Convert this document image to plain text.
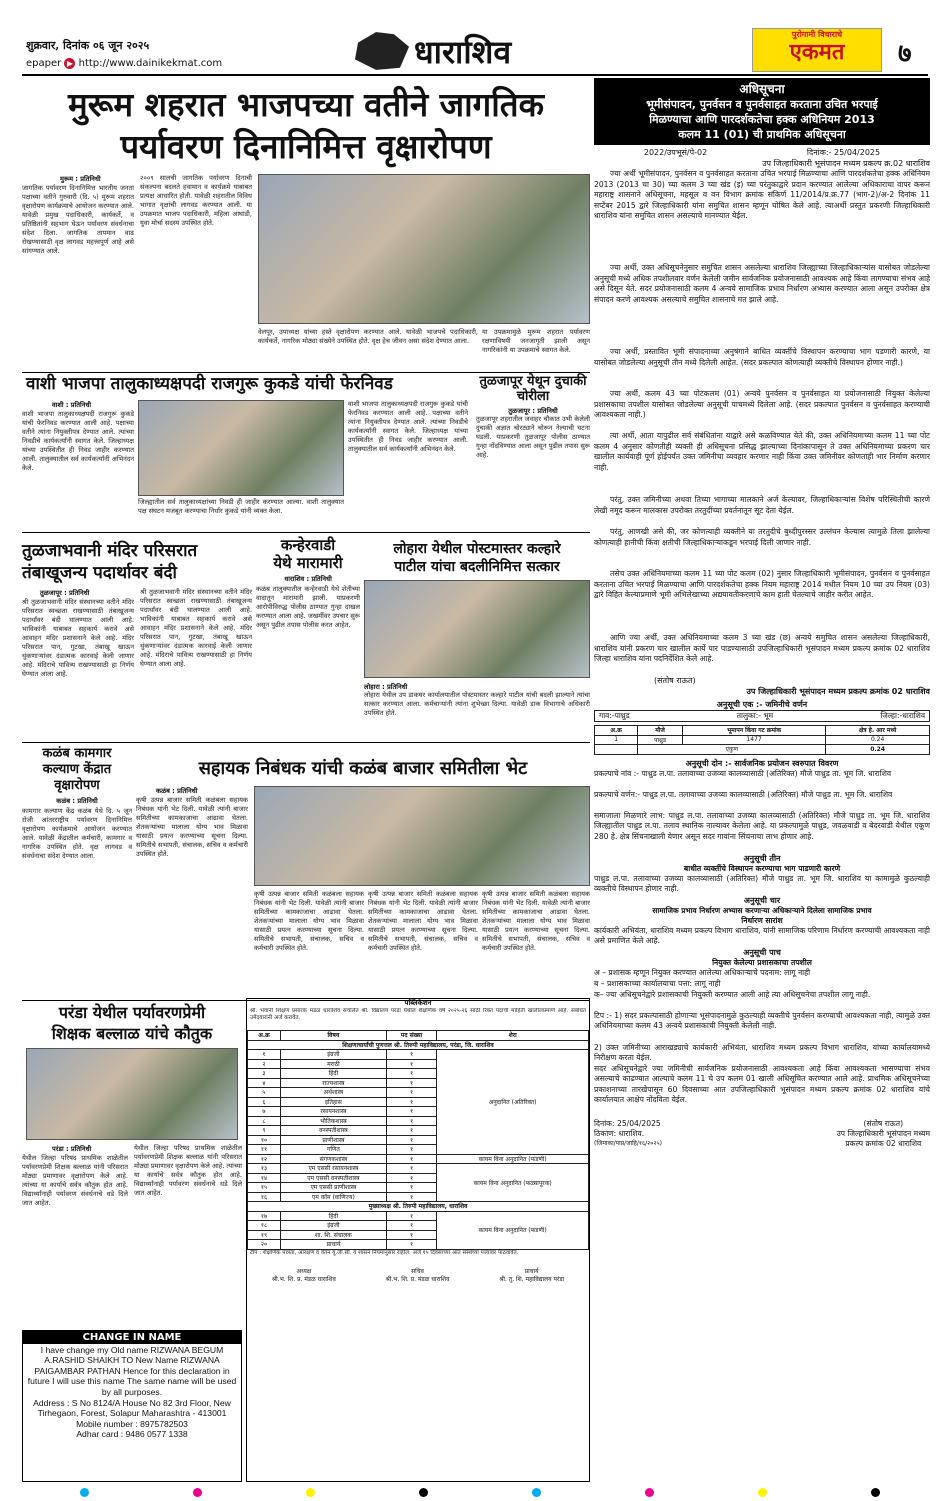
शुक्रवार, दिनांक ०६ जून २०२५
epaper ▶ http://www.dainikekmat.com	धाराशिव	पुरोगामी विचाराचे
एकमत	७
मुरूम शहरात भाजपच्या वतीने जागतिक
पर्यावरण दिनानिमित्त वृक्षारोपण
मुरूम : प्रतिनिधी
जागतिक पर्यावरण दिनानिमित्त भारतीय जनता पक्षाच्या वतीने गुरुवारी (दि. ५) मुरूम शहरात वृक्षारोपण कार्यक्रमाचे आयोजन करण्यात आले. यावेळी प्रमुख पदाधिकारी, कार्यकर्ते, व प्रतिष्ठितांनी सहभाग घेऊन पर्यावरण संवर्धनाचा संदेश दिला. जागतिक तापमान वाढ रोखण्यासाठी वृक्ष लागवड महत्त्वपूर्ण आहे असे सांगण्यात आले.
२००९ सालची जागतिक पर्यावरण दिनाची संकल्पना बदलते हवामान व कार्यक्रमे याबाबत प्रत्यक्ष आधारित होती. यावेळी शहरातील विविध भागात वृक्षांची लागवड करण्यात आली. या उपक्रमात भाजप पदाधिकारी, महिला आघाडी, युवा मोर्चा सदस्य उपस्थित होते.
वेलपूर, उपाध्यक्ष यांच्या हस्ते वृक्षारोपण करण्यात आले. यावेळी भाजपचे पदाधिकारी, कार्यकर्ते, नागरिक मोठ्या संख्येने उपस्थित होते. वृक्ष हेच जीवन असा संदेश देण्यात आला.
या उपक्रमामुळे मुरूम शहरात पर्यावरण रक्षणाविषयी जनजागृती झाली असून नागरिकांनी या उपक्रमाचे स्वागत केले.
वाशी भाजपा तालुकाध्यक्षपदी राजगुरू कुकडे यांची फेरनिवड
वाशी : प्रतिनिधी
वाशी भाजपा तालुकाध्यक्षपदी राजगुरू कुकडे यांची फेरनिवड करण्यात आली आहे. पक्षाच्या वतीने त्यांना नियुक्तीपत्र देण्यात आले. त्यांच्या निवडीचे कार्यकर्त्यांनी स्वागत केले. जिल्हाध्यक्ष यांच्या उपस्थितीत ही निवड जाहीर करण्यात आली. तालुक्यातील सर्व कार्यकर्त्यांनी अभिनंदन केले.
जिल्ह्यातील सर्व तालुकाध्यक्षांच्या निवडी ही जाहीर करण्यात आल्या. वाशी तालुक्यात पक्ष संघटन मजबूत करण्याचा निर्धार कुकडे यांनी व्यक्त केला.
वाशी भाजपा तालुकाध्यक्षपदी राजगुरू कुकडे यांची फेरनिवड करण्यात आली आहे. पक्षाच्या वतीने त्यांना नियुक्तीपत्र देण्यात आले. त्यांच्या निवडीचे कार्यकर्त्यांनी स्वागत केले. जिल्हाध्यक्ष यांच्या उपस्थितीत ही निवड जाहीर करण्यात आली. तालुक्यातील सर्व कार्यकर्त्यांनी अभिनंदन केले.
तुळजापूर येथून दुचाकी चोरीला
तुळजापूर : प्रतिनिधी
तुळजापूर शहरातील जवाहर चौकात उभी केलेली दुचाकी अज्ञात चोरट्याने चोरून नेल्याची घटना घडली. याप्रकरणी तुळजापूर पोलीस ठाण्यात गुन्हा नोंदविण्यात आला असून पुढील तपास सुरू आहे.
तुळजाभवानी मंदिर परिसरात
तंबाखूजन्य पदार्थावर बंदी
तुळजापूर : प्रतिनिधी
श्री तुळजाभवानी मंदिर संस्थानच्या वतीने मंदिर परिसरात स्वच्छता राखण्यासाठी तंबाखूजन्य पदार्थांवर बंदी घालण्यात आली आहे. भाविकांनी याबाबत सहकार्य करावे असे आवाहन मंदिर प्रशासनाने केले आहे. मंदिर परिसरात पान, गुटखा, तंबाखू खाऊन थुंकणाऱ्यांवर दंडात्मक कारवाई केली जाणार आहे. मंदिराचे पावित्र्य राखण्यासाठी हा निर्णय घेण्यात आला आहे.
श्री तुळजाभवानी मंदिर संस्थानच्या वतीने मंदिर परिसरात स्वच्छता राखण्यासाठी तंबाखूजन्य पदार्थांवर बंदी घालण्यात आली आहे. भाविकांनी याबाबत सहकार्य करावे असे आवाहन मंदिर प्रशासनाने केले आहे. मंदिर परिसरात पान, गुटखा, तंबाखू खाऊन थुंकणाऱ्यांवर दंडात्मक कारवाई केली जाणार आहे. मंदिराचे पावित्र्य राखण्यासाठी हा निर्णय घेण्यात आला आहे.
कन्हेरवाडी
येथे मारामारी
धाराशिव : प्रतिनिधी
कळंब तालुक्यातील कन्हेरवाडी येथे शेतीच्या वादातून मारामारी झाली. याप्रकरणी आरोपीविरुद्ध पोलीस ठाण्यात गुन्हा दाखल करण्यात आला आहे. जखमींवर उपचार सुरू असून पुढील तपास पोलीस करत आहेत.
लोहारा येथील पोस्टमास्तर कल्हारे
पाटील यांचा बदलीनिमित्त सत्कार
लोहारा : प्रतिनिधी
लोहारा येथील उप डाकघर कार्यालयातील पोस्टमास्तर कल्हारे पाटील यांची बदली झाल्याने त्यांचा सत्कार करण्यात आला. कर्मचाऱ्यांनी त्यांना शुभेच्छा दिल्या. यावेळी डाक विभागाचे अधिकारी उपस्थित होते.
कळंब कामगार
कल्याण केंद्रात
वृक्षारोपण
कळंब : प्रतिनिधी
कामगार कल्याण केंद्र कळंब येथे दि. ५ जून रोजी आंतरराष्ट्रीय पर्यावरण दिनानिमित्त वृक्षारोपण कार्यक्रमाचे आयोजन करण्यात आले. यावेळी केंद्रातील कर्मचारी, कामगार व नागरिक उपस्थित होते. वृक्ष लागवड व संवर्धनाचा संदेश देण्यात आला.
सहायक निबंधक यांची कळंब बाजार समितीला भेट
कळंब : प्रतिनिधी
कृषी उत्पन्न बाजार समिती कळंबला सहायक निबंधक यांनी भेट दिली. यावेळी त्यांनी बाजार समितीच्या कामकाजाचा आढावा घेतला. शेतकऱ्यांच्या मालाला योग्य भाव मिळावा यासाठी प्रयत्न करण्याच्या सूचना दिल्या. समितीचे सभापती, संचालक, सचिव व कर्मचारी उपस्थित होते.
कृषी उत्पन्न बाजार समिती कळंबला सहायक निबंधक यांनी भेट दिली. यावेळी त्यांनी बाजार समितीच्या कामकाजाचा आढावा घेतला. शेतकऱ्यांच्या मालाला योग्य भाव मिळावा यासाठी प्रयत्न करण्याच्या सूचना दिल्या. समितीचे सभापती, संचालक, सचिव व कर्मचारी उपस्थित होते.
कृषी उत्पन्न बाजार समिती कळंबला सहायक निबंधक यांनी भेट दिली. यावेळी त्यांनी बाजार समितीच्या कामकाजाचा आढावा घेतला. शेतकऱ्यांच्या मालाला योग्य भाव मिळावा यासाठी प्रयत्न करण्याच्या सूचना दिल्या. समितीचे सभापती, संचालक, सचिव व कर्मचारी उपस्थित होते.
कृषी उत्पन्न बाजार समिती कळंबला सहायक निबंधक यांनी भेट दिली. यावेळी त्यांनी बाजार समितीच्या कामकाजाचा आढावा घेतला. शेतकऱ्यांच्या मालाला योग्य भाव मिळावा यासाठी प्रयत्न करण्याच्या सूचना दिल्या. समितीचे सभापती, संचालक, सचिव व कर्मचारी उपस्थित होते.
परंडा येथील पर्यावरणप्रेमी
शिक्षक बल्लाळ यांचे कौतुक
परंडा : प्रतिनिधी
येथील जिल्हा परिषद प्राथमिक शाळेतील पर्यावरणप्रेमी शिक्षक बल्लाळ यांनी परिसरात मोठ्या प्रमाणावर वृक्षारोपण केले आहे. त्यांच्या या कार्याचे सर्वत्र कौतुक होत आहे. विद्यार्थ्यांनाही पर्यावरण संवर्धनाचे धडे दिले जात आहेत.
येथील जिल्हा परिषद प्राथमिक शाळेतील पर्यावरणप्रेमी शिक्षक बल्लाळ यांनी परिसरात मोठ्या प्रमाणावर वृक्षारोपण केले आहे. त्यांच्या या कार्याचे सर्वत्र कौतुक होत आहे. विद्यार्थ्यांनाही पर्यावरण संवर्धनाचे धडे दिले जात आहेत.
CHANGE IN NAME
I have change my Old name RIZWANA BEGUM A.RASHID SHAIKH TO New Name RIZWANA PAIGAMBAR PATHAN Hence for this declaration in future I will use this name The same name will be used by all purposes.
Address : S No 8124/A House No 82 3rd Floor, New Tirhegaon, Forest, Solapur Maharashtra - 413001
Mobile number : 8975782503
Adhar card : 9486 0577 1338
पब्लिकेशन
श्री. भवानी शिक्षण प्रसारक मंडळ धाराशिव संचलित श्री. विद्यालय परंडा येथील शैक्षणिक वर्ष २०२५-२६ साठी रिक्त पदांची माहिती खालीलप्रमाणे आहे. संबंधित उमेदवारांनी अर्ज करावेत.
अ.क्र	विषय	पद संख्या	शेरा
शिक्षणाचार्यांची पुणत्तल श्री. तिरुपी महाविद्यालय, परंडा, जि. धाराशिव			
१	इंग्रजी	१	अनुदानित (अतिरिक्त)
२	मराठी	१	
३	हिंदी	१	
४	राज्यशास्त्र	१	
५	अर्थशास्त्र	१	
६	इतिहास	१	
७	रसायनशास्त्र	१	
८	भौतिकशास्त्र	१	
९	वनस्पतीशास्त्र	१	
१०	प्राणीशास्त्र	१	
११	गणित	१	
१२	संगणकशास्त्र	१	कायम विना अनुदानित (फडणी)
१३	एम एससी रसायनशास्त्र	१	कायम विना अनुदानित (फळ्यापूरक)
१४	एम एससी वनस्पतीशास्त्र	१	
१५	एम एससी प्राणीशास्त्र	१	
१६	एम कॉम (वाणिज्य)	१	
मुख्याध्यक्ष श्री. तिरुपी महाविद्यालय, धाराशिव			
१७	हिंदी	१	कायम विना अनुदानित (फडणी)
१८	इंग्रजी	१	
१९	शा. शि. संचालक	१	
२०	प्राचार्य	१	
टीप : शैक्षणिक पात्रता, आरक्षण व वेतन यू.जी.सी. व शासन नियमानुसार राहील. अर्ज १५ दिवसांच्या आत संस्थेच्या पत्त्यावर पाठवावेत.
अध्यक्ष
श्री.भ. शि. प्र. मंडळ धाराशिव
सचिव
श्री.भ. शि. प्र. मंडळ धाराशिव
प्राचार्य
श्री. तु. शि. महाविद्यालय परंडा
अधिसूचना
भूमीसंपादन, पुनर्वसन व पुनर्वसाहत करताना उचित भरपाई
मिळण्याचा आणि पारदर्शकतेचा हक्क अधिनियम 2013
कलम 11 (01) ची प्राथमिक अधिसूचना
2022/उपभूसं/पे-02	दिनांक:- 25/04/2025
उप जिल्हाधिकारी भूसंपादन मध्यम प्रकल्प क्र.02 धाराशिव
ज्या अर्थी भूमीसंपादन, पुनर्वसन व पुनर्वसाहत करताना उचित भरपाई मिळण्याचा आणि पारदर्शकतेचा हक्क अधिनियम 2013 (2013 चा 30) च्या कलम 3 च्या खंड (इ) च्या परंतुकाद्वारे प्रदान करण्यात आलेल्या अधिकाराचा वापर करून महाराष्ट्र शासनाने अधिसूचना, महसूल व वन विभाग क्रमांक संकिर्ण 11/2014/प्र.क्र.77 (भाग-2)/अ-2 दिनांक 11 सप्टेंबर 2015 द्वारे जिल्हाधिकारी यांना समुचित शासन म्हणून घोषित केले आहे. त्याअर्थी प्रस्तुत प्रकरणी जिल्हाधिकारी धाराशिव यांना समुचित शासन असल्याचे मानण्यात येईल.
ज्या अर्थी, उक्त अधिसूचनेनुसार समुचित शासन असलेल्या धाराशिव जिल्ह्याच्या जिल्हाधिकाऱ्यांस यासोबत जोडलेल्या अनुसूची मध्ये अधिक तपशीलवार वर्णन केलेली जमीन सार्वजनिक प्रयोजनासाठी आवश्यक आहे किंवा लागण्याचा संभव आहे असे दिसून येते. सदर प्रयोजनासाठी कलम 4 अन्वये सामाजिक प्रभाव निर्धारण अभ्यास करण्यात आला असून उपरोक्त क्षेत्र संपादन करणे आवश्यक असल्याचे समुचित शासनाचे मत झाले आहे.
ज्या अर्थी, प्रस्तावित भूमी संपादनाच्या अनुषंगाने बाधित व्यक्तींचे विस्थापन करण्याचा भाग पडणारी कारणे, या यासोबत जोडलेल्या अनुसूची तीन मध्ये दिलेली आहेत. (सदर प्रकल्पात कोणत्याही व्यक्तीचे विस्थापन होणार नाही.)
ज्या अर्थी, कलम 43 च्या पोटकलम (01) अन्वये पुनर्वसन व पुनर्वसाहत या प्रयोजनासाठी नियुक्त केलेल्या प्रशासकाचा तपशील यासोबत जोडलेल्या अनुसूची पाचमध्ये दिलेला आहे. (सदर प्रकल्पात पुनर्वसन व पुनर्वसाहत करण्याची आवश्यकता नाही.)
त्या अर्थी, आता यापुढील सर्व संबंधितांना याद्वारे असे कळविण्यात येते की, उक्त अधिनियमाच्या कलम 11 च्या पोट कलम 4 अनुसार कोणतीही व्यक्ती ही अधिसूचना प्रसिद्ध झाल्याच्या दिनांकापासून ते उक्त अधिनियमाच्या प्रकरण चार खालील कार्यवाही पूर्ण होईपर्यंत उक्त जमिनीचा व्यवहार करणार नाही किंवा उक्त जमिनीवर कोणताही भार निर्माण करणार नाही.
परंतु, उक्त जमिनीच्या अथवा तिच्या भागाच्या मालकाने अर्ज केल्यावर, जिल्हाधिकाऱ्यांस विशेष परिस्थितीची कारणे लेखी नमूद करून मालकास उपरोक्त तरतुदींच्या प्रवर्तनातून सूट देता येईल.
परंतु, आणखी असे की, जर कोणत्याही व्यक्तीने या तरतुदीचे बुध्दीपुरस्सर उल्लंघन केल्यास त्यामुळे तिला झालेल्या कोणत्याही हानीची किंवा क्षतीची जिल्हाधिकाऱ्याकडून भरपाई दिली जाणार नाही.
तसेच उक्त अधिनियमाच्या कलम 11 च्या पोट कलम (02) नुसार जिल्हाधिकारी भूमीसंपादन, पुनर्वसन व पुनर्वसाहत करताना उचित भरपाई मिळण्याचा आणि पारदर्शकतेचा हक्क नियम महाराष्ट्र 2014 मधील नियम 10 च्या उप नियम (03) द्वारे विहित केल्याप्रमाणे भूमी अभिलेखाच्या अद्ययावतीकरणाचे काम हाती घेतल्याचे जाहीर करीत आहेत.
आणि ज्या अर्थी, उक्त अधिनियमाच्या कलम 3 च्या खंड (छ) अन्वये समुचित शासन असलेल्या जिल्हाधिकारी, धाराशिव यांनी प्रकरण चार खालील कार्ये पार पाडण्यासाठी उपजिल्हाधिकारी भूसंपादन मध्यम प्रकल्प क्रमांक 02 धाराशिव जिल्हा धाराशिव यांना पदनिर्देशित केले आहे.
(संतोष राऊत)
उप जिल्हाधिकारी भूसंपादन मध्यम प्रकल्प क्रमांक 02 धाराशिव
अनुसूची एक :- जमिनीचे वर्णन
गाव:-पाथ्रुड	तालुका:- भूम	जिल्हा:-धाराशिव
अ.क्र	मौजे	भूमापन किंवा गट क्रमांक	क्षेत्र हे. आर मध्ये
1	पाथ्रुड	1477	0.24
	एकुण		0.24
अनुसूची दोन :- सार्वजनिक प्रयोजन स्वरुपात विवरण
प्रकल्पाचे नांव :- पाथ्रुड ल.पा. तलावाच्या उजव्या कालव्यासाठी (अतिरिक्त) मौजे पाथ्रुड ता. भूम जि. धाराशिव
प्रकल्पाचे वर्णन:- पाथ्रुड ल.पा. तलावाच्या उजव्या कालव्यासाठी (अतिरिक्त) मौजे पाथ्रुड ता. भूम जि. धाराशिव
समाजाला मिळणारे लाभ: पाथ्रुड ल.पा. तलावाच्या उजव्या कालव्यासाठी (अतिरिक्त) मौजे पाथ्रुड ता. भूम जि. धाराशिव जिल्ह्यातील पाथ्रुड ल.पा. तलाव स्थानिक नाल्यावर केलेला आहे. या प्रकल्पामुळे पाथ्रुड, जवळवाडी व बेदरवाडी येथील एकूण 280 हे. क्षेत्र सिंचनाखाली येणार असून सदर गावांना सिंचनाचा लाभ होणार आहे.
अनुसूची तीन
बाधीत व्यक्तींचे विस्थापन करण्याचा भाग पाडणारी कारणे
पाथ्रुड ल.पा. तलावाच्या उजव्या कालव्यासाठी (अतिरिक्त) मौजे पाथ्रुड ता. भूम जि. धाराशिव या कामामुळे कुठल्याही व्यक्तीचे विस्थापन होणार नाही.
अनुसूची चार
सामाजिक प्रभाव निर्धारण अभ्यास करणाऱ्या अधिकाऱ्याने दिलेला सामाजिक प्रभाव
निर्धारण सारांश
कार्यकारी अभियंता, धाराशिव मध्यम प्रकल्प विभाग धाराशिव, यांनी सामाजिक परिणाम निर्धारण करण्याची आवश्यकता नाही असे प्रमाणित केले आहे.
अनुसूची पाच
नियुक्त केलेल्या प्रशासकाचा तपशील
अ – प्रशासक म्हणून नियुक्त करण्यात आलेल्या अधिकाऱ्याचे पदनाम: लागू नाही
ब – प्रशासकाच्या कार्यालयाचा पत्ता: लागू नाही
क– ज्या अधिसूचनेद्वारे प्रशासकाची नियुक्ती करण्यात आली आहे त्या अधिसूचनेचा तपशील लागू नाही.
टिप :- 1) सदर प्रकल्पासाठी होणाऱ्या भूसंपादनामुळे कुठल्याही व्यक्तीचे पुनर्वसन करण्याची आवश्यकता नाही, त्यामुळे उक्त अधिनियमाच्या कलम 43 अन्वये प्रशासकाची नियुक्ती केलेली नाही.
2) उक्त जमिनीच्या आराखड्याचे कार्यकारी अभियंता, धाराशिव मध्यम प्रकल्प विभाग धाराशिव, यांच्या कार्यालयामध्ये निरीक्षण करता येईल.
सदर अधिसूचनेद्वारे ज्या जमिनीची सार्वजनिक प्रयोजनासाठी आवश्यकता आहे किंवा आवश्यकता भासण्याचा संभव असल्याचे काढण्यात आल्याचे कलम 11 चे उप कलम 01 खाली अधिसूचित करण्यात आले आहे. प्राथमिक अधिसूचनेच्या प्रकाशनाच्या तारखेपासून 60 दिवसाच्या आत उपजिल्हाधिकारी भूसंपादन मध्यम प्रकल्प क्रमांक 02 धाराशिव यांचे कार्यालयात आक्षेप नोंदविता येईल.
दिनांक: 25/04/2025
ठिकाण: धाराशिव.
(जिमाका/पाप्र/जाहि/१६/२०२५)
(संतोष राऊत)
उप जिल्हाधिकारी भूसंपादन मध्यम
प्रकल्प क्रमांक 02 धाराशिव
